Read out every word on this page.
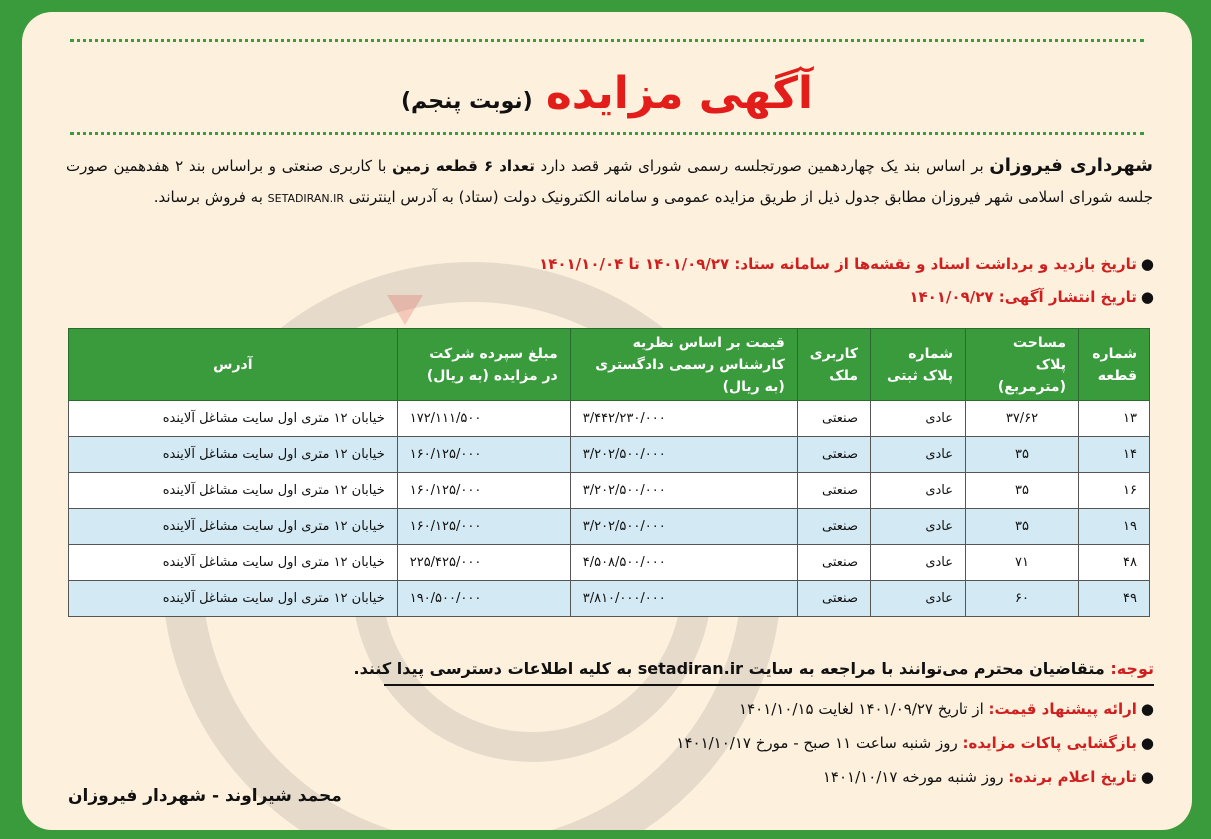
آگهی مزایده (نوبت پنجم)
شهرداری فیروزان بر اساس بند یک چهاردهمین صورتجلسه رسمی شورای شهر قصد دارد تعداد ۶ قطعه زمین با کاربری صنعتی و براساس بند ۲ هفدهمین صورت جلسه شورای اسلامی شهر فیروزان مطابق جدول ذیل از طریق مزایده عمومی و سامانه الکترونیک دولت (ستاد) به آدرس اینترنتی SETADIRAN.IR به فروش برساند.
●تاریخ بازدید و برداشت اسناد و نقشه‌ها از سامانه ستاد: ۱۴۰۱/۰۹/۲۷ تا ۱۴۰۱/۱۰/۰۴
●تاریخ انتشار آگهی: ۱۴۰۱/۰۹/۲۷
شماره قطعه	مساحت پلاک (مترمربع)	شماره پلاک ثبتی	کاربری ملک	قیمت بر اساس نظریه کارشناس رسمی دادگستری (به ریال)	مبلغ سپرده شرکت در مزایده (به ریال)	آدرس
۱۳	۳۷/۶۲	عادی	صنعتی	۳/۴۴۲/۲۳۰/۰۰۰	۱۷۲/۱۱۱/۵۰۰	خیابان ۱۲ متری اول سایت مشاغل آلاینده
۱۴	۳۵	عادی	صنعتی	۳/۲۰۲/۵۰۰/۰۰۰	۱۶۰/۱۲۵/۰۰۰	خیابان ۱۲ متری اول سایت مشاغل آلاینده
۱۶	۳۵	عادی	صنعتی	۳/۲۰۲/۵۰۰/۰۰۰	۱۶۰/۱۲۵/۰۰۰	خیابان ۱۲ متری اول سایت مشاغل آلاینده
۱۹	۳۵	عادی	صنعتی	۳/۲۰۲/۵۰۰/۰۰۰	۱۶۰/۱۲۵/۰۰۰	خیابان ۱۲ متری اول سایت مشاغل آلاینده
۴۸	۷۱	عادی	صنعتی	۴/۵۰۸/۵۰۰/۰۰۰	۲۲۵/۴۲۵/۰۰۰	خیابان ۱۲ متری اول سایت مشاغل آلاینده
۴۹	۶۰	عادی	صنعتی	۳/۸۱۰/۰۰۰/۰۰۰	۱۹۰/۵۰۰/۰۰۰	خیابان ۱۲ متری اول سایت مشاغل آلاینده
توجه: متقاضیان محترم می‌توانند با مراجعه به سایت setadiran.ir به کلیه اطلاعات دسترسی پیدا کنند.
●ارائه پیشنهاد قیمت: از تاریخ ۱۴۰۱/۰۹/۲۷ لغایت ۱۴۰۱/۱۰/۱۵
●بازگشایی پاکات مزایده: روز شنبه ساعت ۱۱ صبح - مورخ ۱۴۰۱/۱۰/۱۷
●تاریخ اعلام برنده: روز شنبه مورخه ۱۴۰۱/۱۰/۱۷
محمد شیراوند - شهردار فیروزان
